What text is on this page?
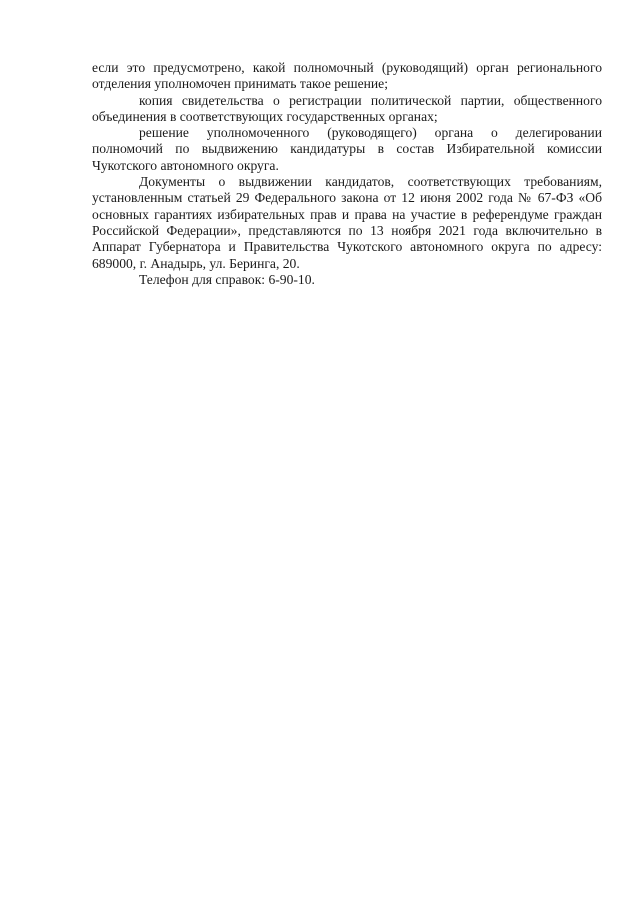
если это предусмотрено, какой полномочный (руководящий) орган регионального отделения уполномочен принимать такое решение;

копия свидетельства о регистрации политической партии, общественного объединения в соответствующих государственных органах;

решение уполномоченного (руководящего) органа о делегировании полномочий по выдвижению кандидатуры в состав Избирательной комиссии Чукотского автономного округа.

Документы о выдвижении кандидатов, соответствующих требованиям, установленным статьей 29 Федерального закона от 12 июня 2002 года № 67-ФЗ «Об основных гарантиях избирательных прав и права на участие в референдуме граждан Российской Федерации», представляются по 13 ноября 2021 года включительно в Аппарат Губернатора и Правительства Чукотского автономного округа по адресу: 689000, г. Анадырь, ул. Беринга, 20.

Телефон для справок: 6-90-10.
